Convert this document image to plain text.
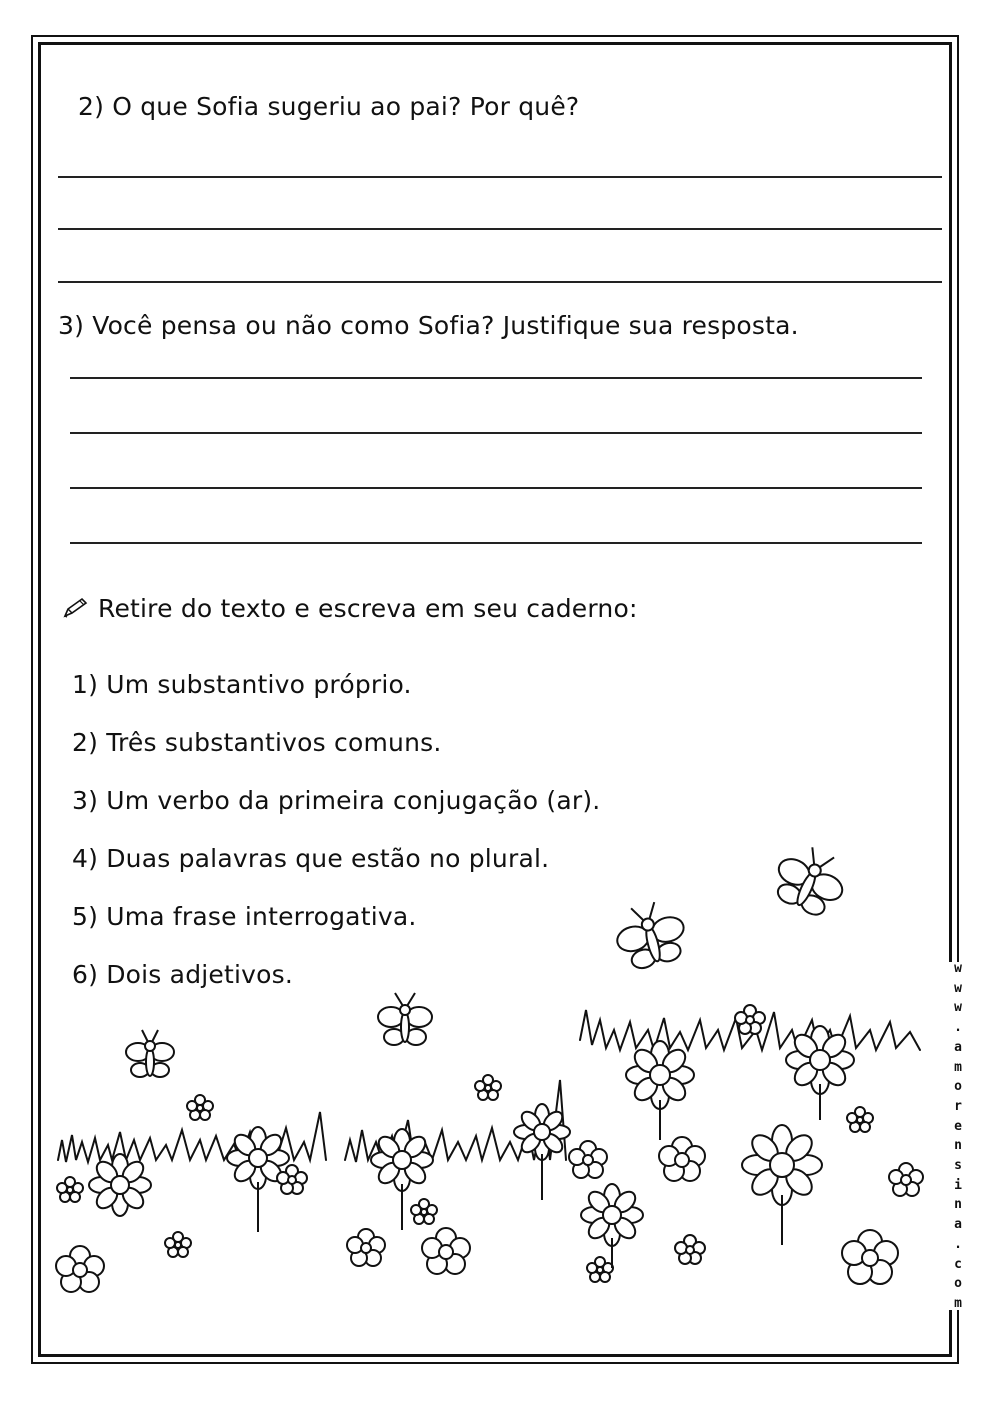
2) O que Sofia sugeriu ao pai? Por quê?
3) Você pensa ou não como Sofia? Justifique sua resposta.
Retire do texto e escreva em seu caderno:
1) Um substantivo próprio.
2) Três substantivos comuns.
3) Um verbo da primeira conjugação (ar).
4) Duas palavras que estão no plural.
5) Uma frase interrogativa.
6) Dois adjetivos.	w
w
w
.
a
m
o
r
e
n
s
i
n
a
.
c
o
m
